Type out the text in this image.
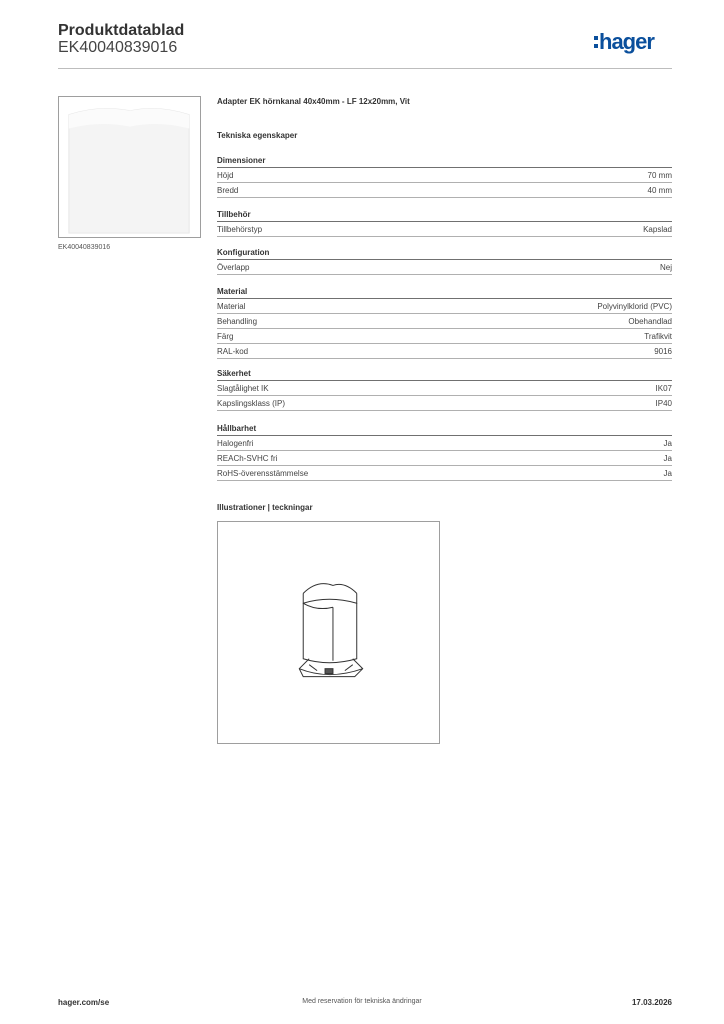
Produktdatablad
EK40040839016	hager
EK40040839016
Adapter EK hörnkanal 40x40mm - LF 12x20mm, Vit
Tekniska egenskaper
Dimensioner
Höjd	70 mm
Bredd	40 mm
Tillbehör
Tillbehörstyp	Kapslad
Konfiguration
Överlapp	Nej
Material
Material	Polyvinylklorid (PVC)
Behandling	Obehandlad
Färg	Trafikvit
RAL-kod	9016
Säkerhet
Slagtålighet IK	IK07
Kapslingsklass (IP)	IP40
Hållbarhet
Halogenfri	Ja
REACh-SVHC fri	Ja
RoHS-överensstämmelse	Ja
Illustrationer | teckningar
hager.com/se	Med reservation för tekniska ändringar	17.03.2026
